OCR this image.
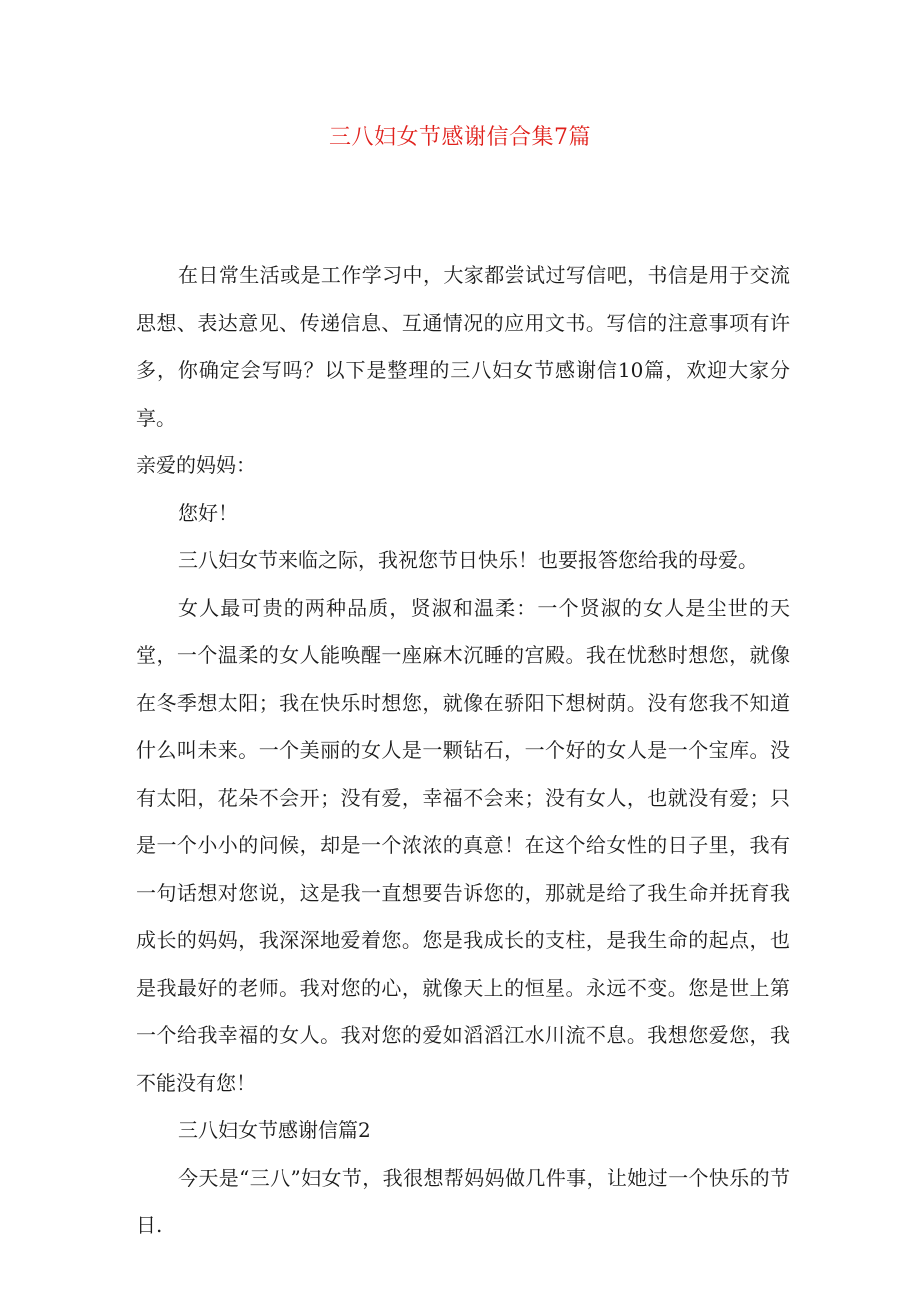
三八妇女节感谢信合集7篇

在日常生活或是工作学习中，大家都尝试过写信吧，书信是用于交流思想、表达意见、传递信息、互通情况的应用文书。写信的注意事项有许多，你确定会写吗？以下是整理的三八妇女节感谢信10篇，欢迎大家分享。

亲爱的妈妈：

您好！

三八妇女节来临之际，我祝您节日快乐！也要报答您给我的母爱。

女人最可贵的两种品质，贤淑和温柔：一个贤淑的女人是尘世的天堂，一个温柔的女人能唤醒一座麻木沉睡的宫殿。我在忧愁时想您，就像在冬季想太阳；我在快乐时想您，就像在骄阳下想树荫。没有您我不知道什么叫未来。一个美丽的女人是一颗钻石，一个好的女人是一个宝库。没有太阳，花朵不会开；没有爱，幸福不会来；没有女人，也就没有爱；只是一个小小的问候，却是一个浓浓的真意！在这个给女性的日子里，我有一句话想对您说，这是我一直想要告诉您的，那就是给了我生命并抚育我成长的妈妈，我深深地爱着您。您是我成长的支柱，是我生命的起点，也是我最好的老师。我对您的心，就像天上的恒星。永远不变。您是世上第一个给我幸福的女人。我对您的爱如滔滔江水川流不息。我想您爱您，我不能没有您！

三八妇女节感谢信篇2

今天是“三八”妇女节，我很想帮妈妈做几件事，让她过一个快乐的节日.
